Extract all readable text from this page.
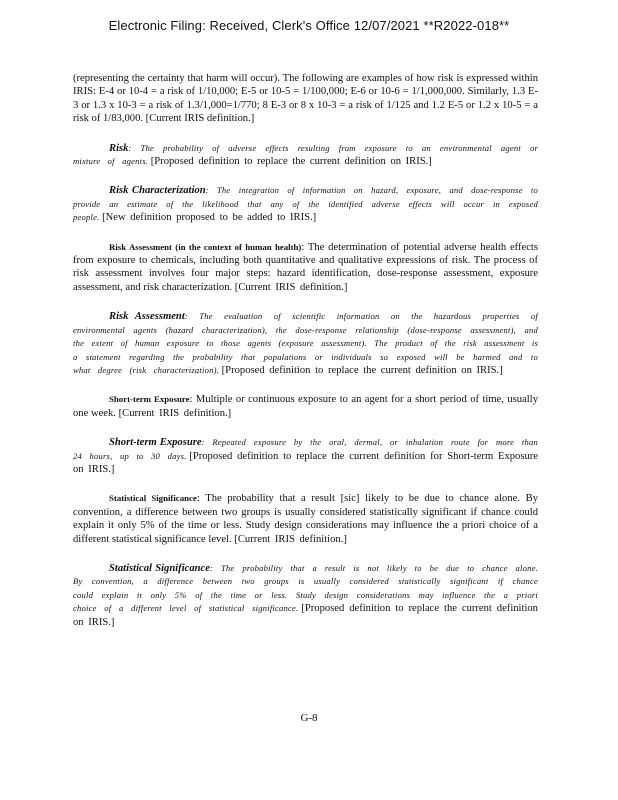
Electronic Filing: Received, Clerk's Office 12/07/2021 **R2022-018**

(representing the certainty that harm will occur). The following are examples of how risk is expressed within IRIS: E-4 or 10-4 = a risk of 1/10,000; E-5 or 10-5 = 1/100,000; E-6 or 10-6 = 1/1,000,000. Similarly, 1.3 E-3 or 1.3 x 10-3 = a risk of 1.3/1,000=1/770; 8 E-3 or 8 x 10-3 = a risk of 1/125 and 1.2 E-5 or 1.2 x 10-5 = a risk of 1/83,000. [Current IRIS definition.]

Risk: The probability of adverse effects resulting from exposure to an environmental agent or mixture of agents. [Proposed definition to replace the current definition on IRIS.]

Risk Characterization: The integration of information on hazard, exposure, and dose-response to provide an estimate of the likelihood that any of the identified adverse effects will occur in exposed people. [New definition proposed to be added to IRIS.]

Risk Assessment (in the context of human health): The determination of potential adverse health effects from exposure to chemicals, including both quantitative and qualitative expressions of risk. The process of risk assessment involves four major steps: hazard identification, dose-response assessment, exposure assessment, and risk characterization. [Current IRIS definition.]

Risk Assessment: The evaluation of scientific information on the hazardous properties of environmental agents (hazard characterization), the dose-response relationship (dose-response assessment), and the extent of human exposure to those agents (exposure assessment). The product of the risk assessment is a statement regarding the probability that populations or individuals so exposed will be harmed and to what degree (risk characterization). [Proposed definition to replace the current definition on IRIS.]

Short-term Exposure: Multiple or continuous exposure to an agent for a short period of time, usually one week. [Current IRIS definition.]

Short-term Exposure: Repeated exposure by the oral, dermal, or inhalation route for more than 24 hours, up to 30 days. [Proposed definition to replace the current definition for Short-term Exposure on IRIS.]

Statistical Significance: The probability that a result [sic] likely to be due to chance alone. By convention, a difference between two groups is usually considered statistically significant if chance could explain it only 5% of the time or less. Study design considerations may influence the a priori choice of a different statistical significance level. [Current IRIS definition.]

Statistical Significance: The probability that a result is not likely to be due to chance alone. By convention, a difference between two groups is usually considered statistically significant if chance could explain it only 5% of the time or less. Study design considerations may influence the a priori choice of a different level of statistical significance. [Proposed definition to replace the current definition on IRIS.]

G-8
